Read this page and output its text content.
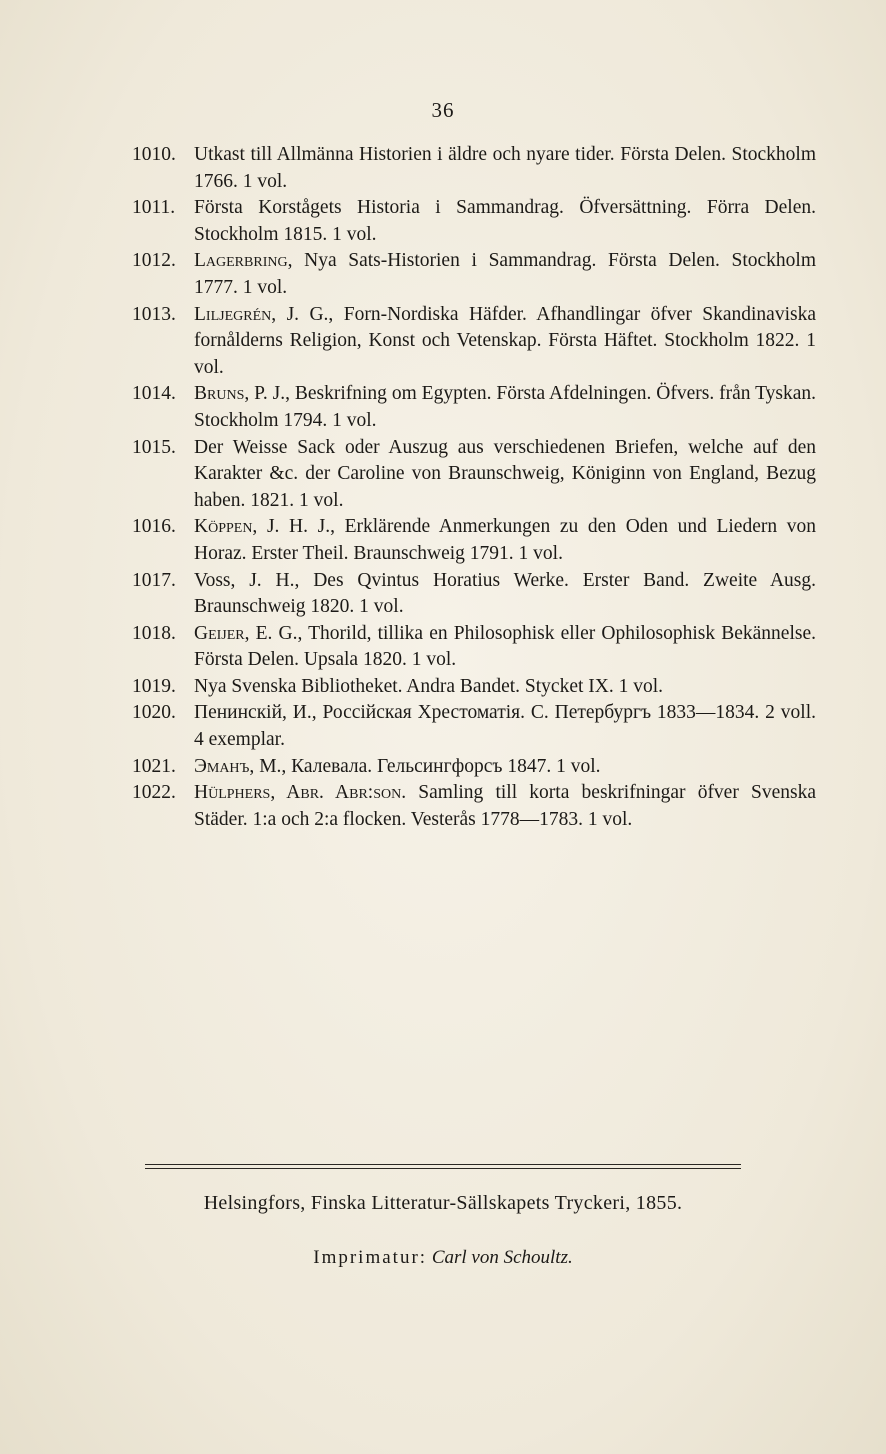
36
1010. Utkast till Allmänna Historien i äldre och nyare tider. Första Delen. Stockholm 1766. 1 vol.
1011. Första Korstågets Historia i Sammandrag. Öfversättning. Förra Delen. Stockholm 1815. 1 vol.
1012. Lagerbring, Nya Sats-Historien i Sammandrag. Första Delen. Stockholm 1777. 1 vol.
1013. Liljegrén, J. G., Forn-Nordiska Häfder. Afhandlingar öfver Skandinaviska fornålderns Religion, Konst och Vetenskap. Första Häftet. Stockholm 1822. 1 vol.
1014. Bruns, P. J., Beskrifning om Egypten. Första Afdelningen. Öfvers. från Tyskan. Stockholm 1794. 1 vol.
1015. Der Weisse Sack oder Auszug aus verschiedenen Briefen, welche auf den Karakter &c. der Caroline von Braunschweig, Königinn von England, Bezug haben. 1821. 1 vol.
1016. Köppen, J. H. J., Erklärende Anmerkungen zu den Oden und Liedern von Horaz. Erster Theil. Braunschweig 1791. 1 vol.
1017. Voss, J. H., Des Qvintus Horatius Werke. Erster Band. Zweite Ausg. Braunschweig 1820. 1 vol.
1018. Geijer, E. G., Thorild, tillika en Philosophisk eller Ophilosophisk Bekännelse. Första Delen. Upsala 1820. 1 vol.
1019. Nya Svenska Bibliotheket. Andra Bandet. Stycket IX. 1 vol.
1020. Пенинскій, И., Россійская Хрестоматія. С. Петербургъ 1833—1834. 2 voll. 4 exemplar.
1021. Эманъ, М., Калевала. Гельсингфорсъ 1847. 1 vol.
1022. Hülphers, Abr. Abr:son. Samling till korta beskrifningar öfver Svenska Städer. 1:a och 2:a flocken. Vesterås 1778—1783. 1 vol.
Helsingfors, Finska Litteratur-Sällskapets Tryckeri, 1855.
Imprimatur: Carl von Schoultz.
